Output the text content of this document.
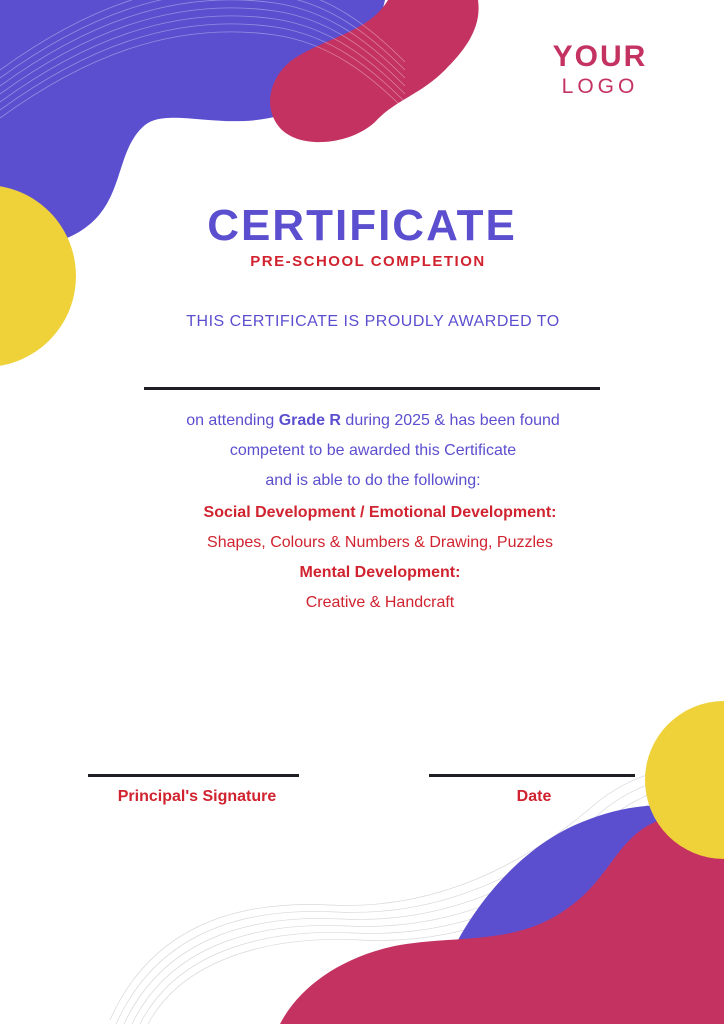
YOUR
LOGO
CERTIFICATE
PRE-SCHOOL COMPLETION
THIS CERTIFICATE IS PROUDLY AWARDED TO
on attending Grade R during 2025 & has been found
competent to be awarded this Certificate
and is able to do the following:
Social Development / Emotional Development:
Shapes, Colours & Numbers & Drawing, Puzzles
Mental Development:
Creative & Handcraft
Principal's Signature	Date
